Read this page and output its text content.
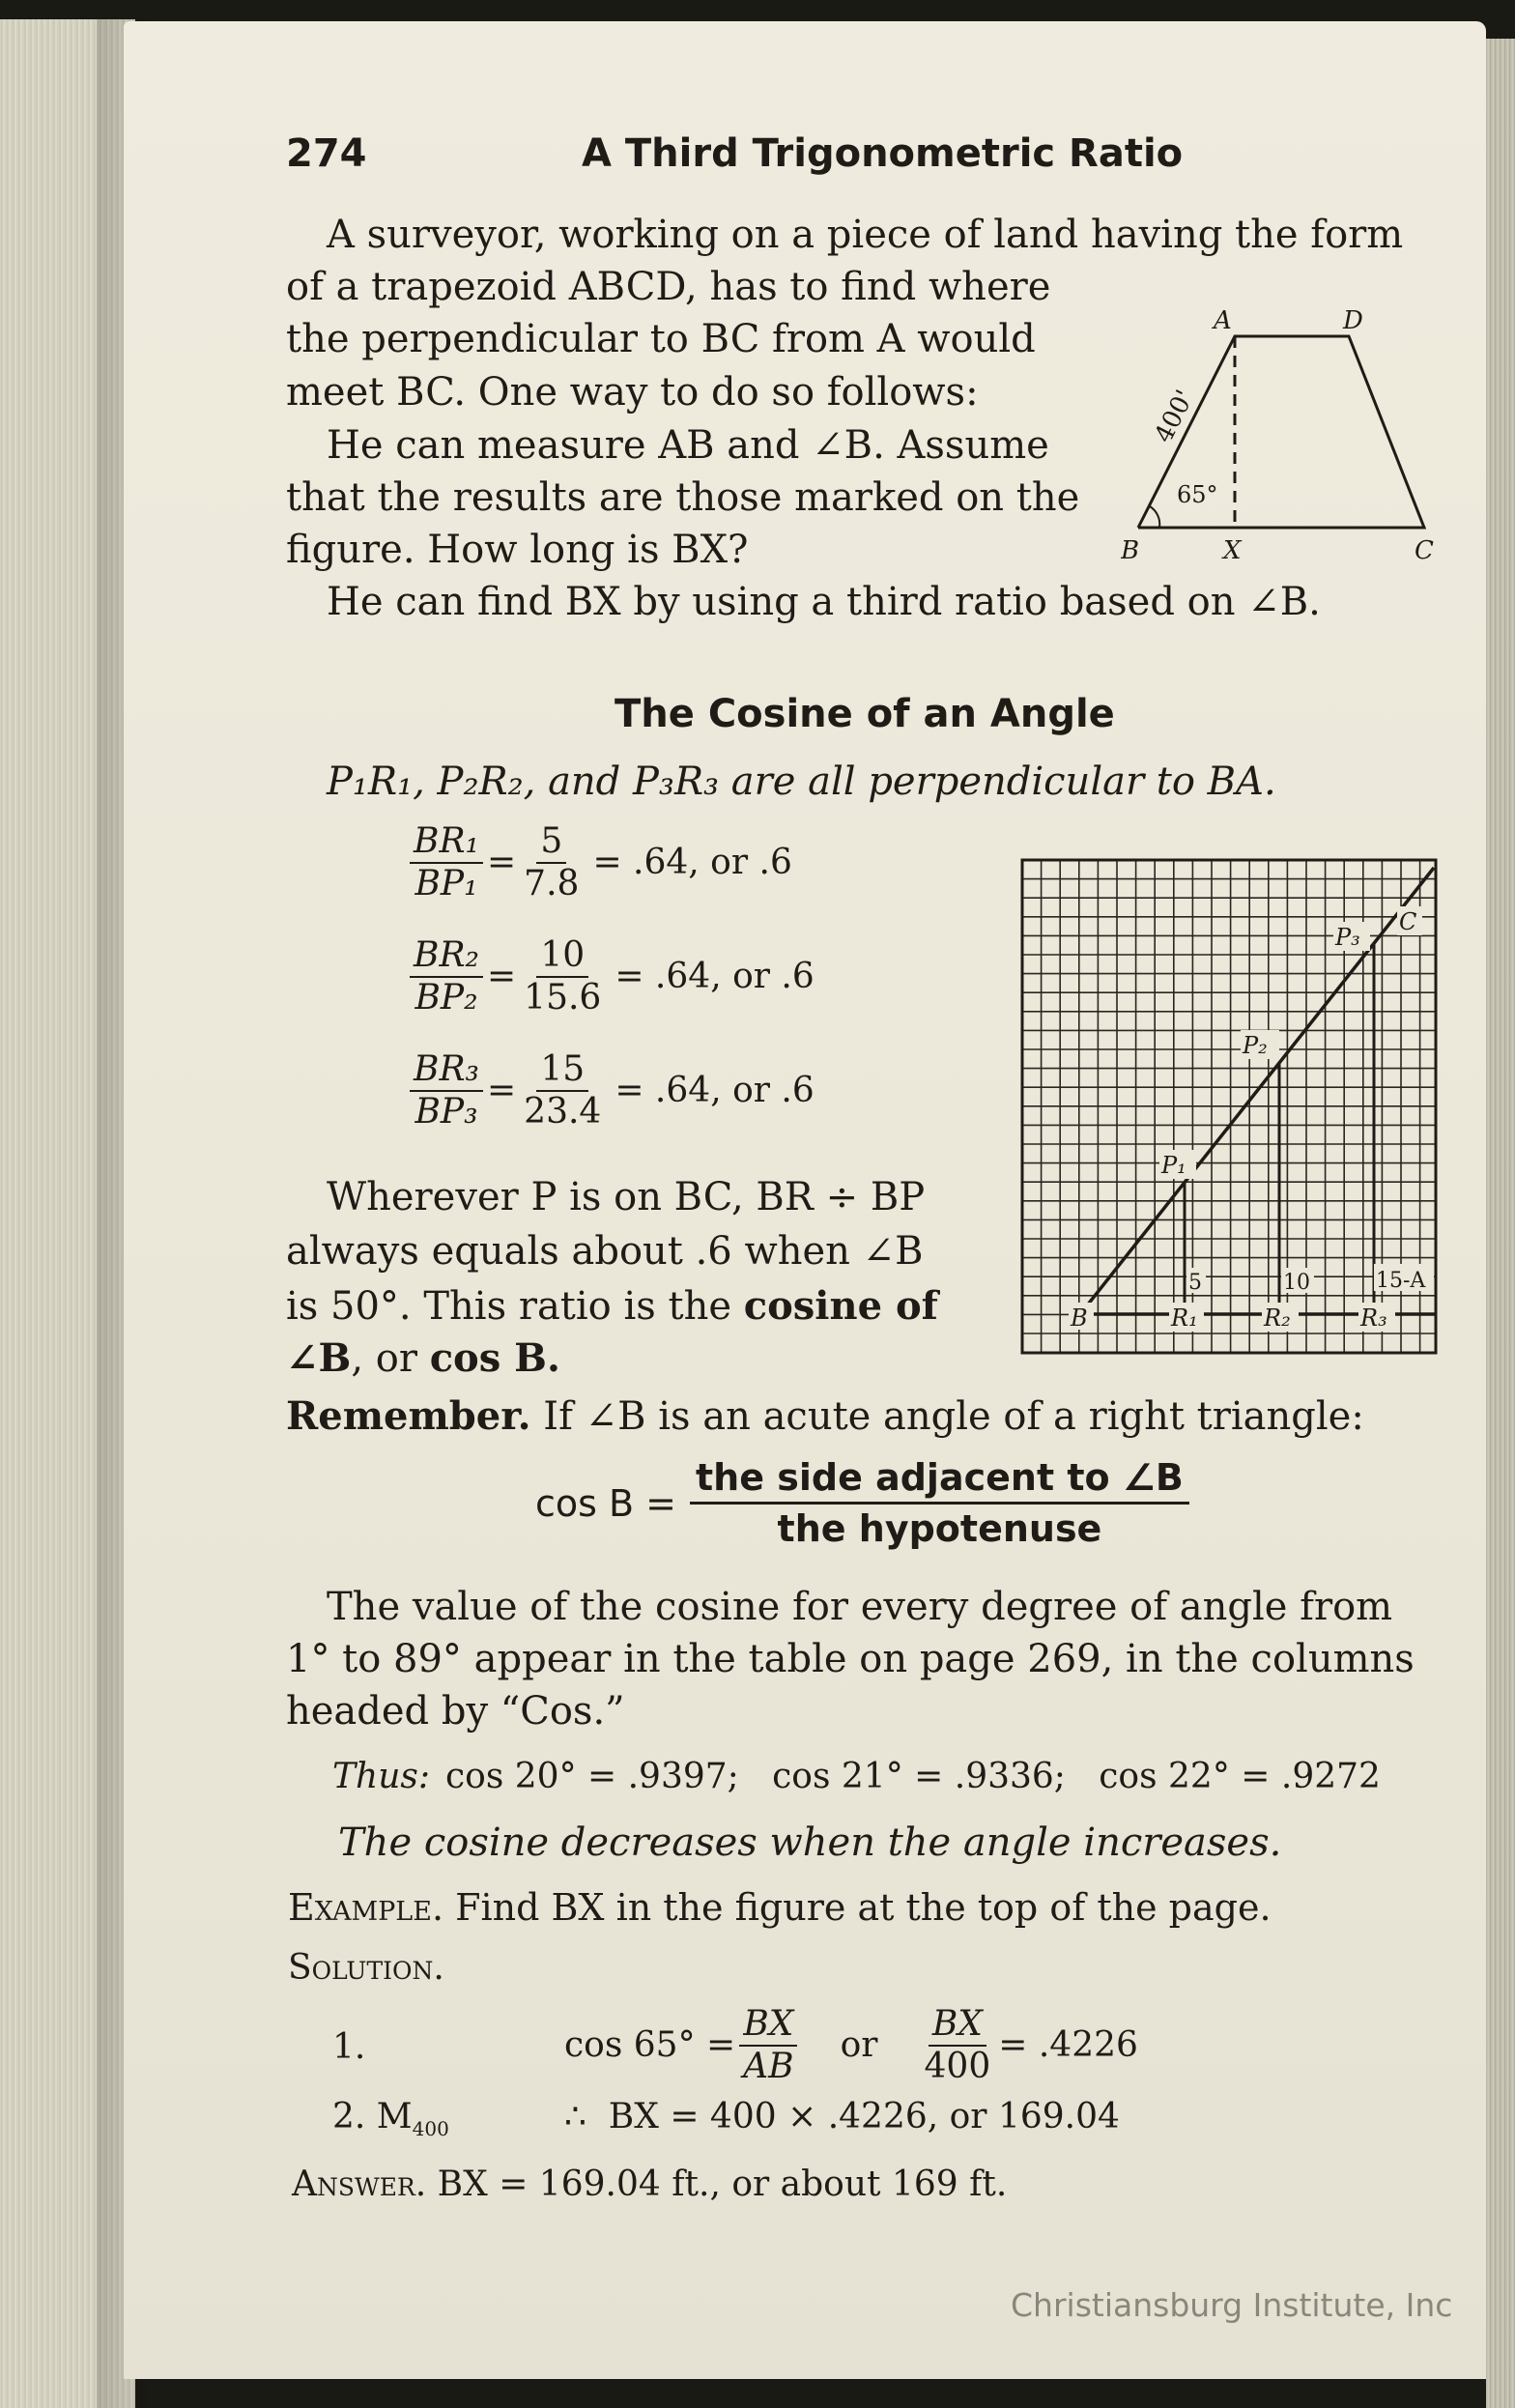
274	A Third Trigonometric Ratio
A surveyor, working on a piece of land having the form
of a trapezoid ABCD, has to find where
the perpendicular to BC from A would
meet BC. One way to do so follows:
He can measure AB and ∠B. Assume
that the results are those marked on the
figure. How long is BX?
He can find BX by using a third ratio based on ∠B.
A	D
B	X	C
400'
65°
The Cosine of an Angle
P₁R₁, P₂R₂, and P₃R₃ are all perpendicular to BA.
$\frac{\text{BR₁}}{\text{BP₁}} = \frac{5}{7.8} = .64$, or .6
$\frac{\text{BR₂}}{\text{BP₂}} = \frac{10}{15.6} = .64$, or .6
$\frac{\text{BR₃}}{\text{BP₃}} = \frac{15}{23.4} = .64$, or .6
B
P₁
P₂
P₃
C
R₁	R₂	R₃
5	10	15-A
Wherever P is on BC, BR ÷ BP
always equals about .6 when ∠B
is 50°. This ratio is the cosine of
∠B, or cos B.
Remember. If ∠B is an acute angle of a right triangle:
$\cos B = \frac{\text{the side adjacent to ∠B}}{\text{the hypotenuse}}$
The value of the cosine for every degree of angle from
1° to 89° appear in the table on page 269, in the columns
headed by “Cos.”
Thus: cos 20° = .9397;   cos 21° = .9336;   cos 22° = .9272
The cosine decreases when the angle increases.
Example. Find BX in the figure at the top of the page.
Solution.
1.	$\cos 65^\circ = \frac{BX}{AB}$ or $\frac{BX}{400} = .4226$
2. $M_{400}$	∴  BX = 400 × .4226, or 169.04
Answer. BX = 169.04 ft., or about 169 ft.
Christiansburg Institute, Inc
